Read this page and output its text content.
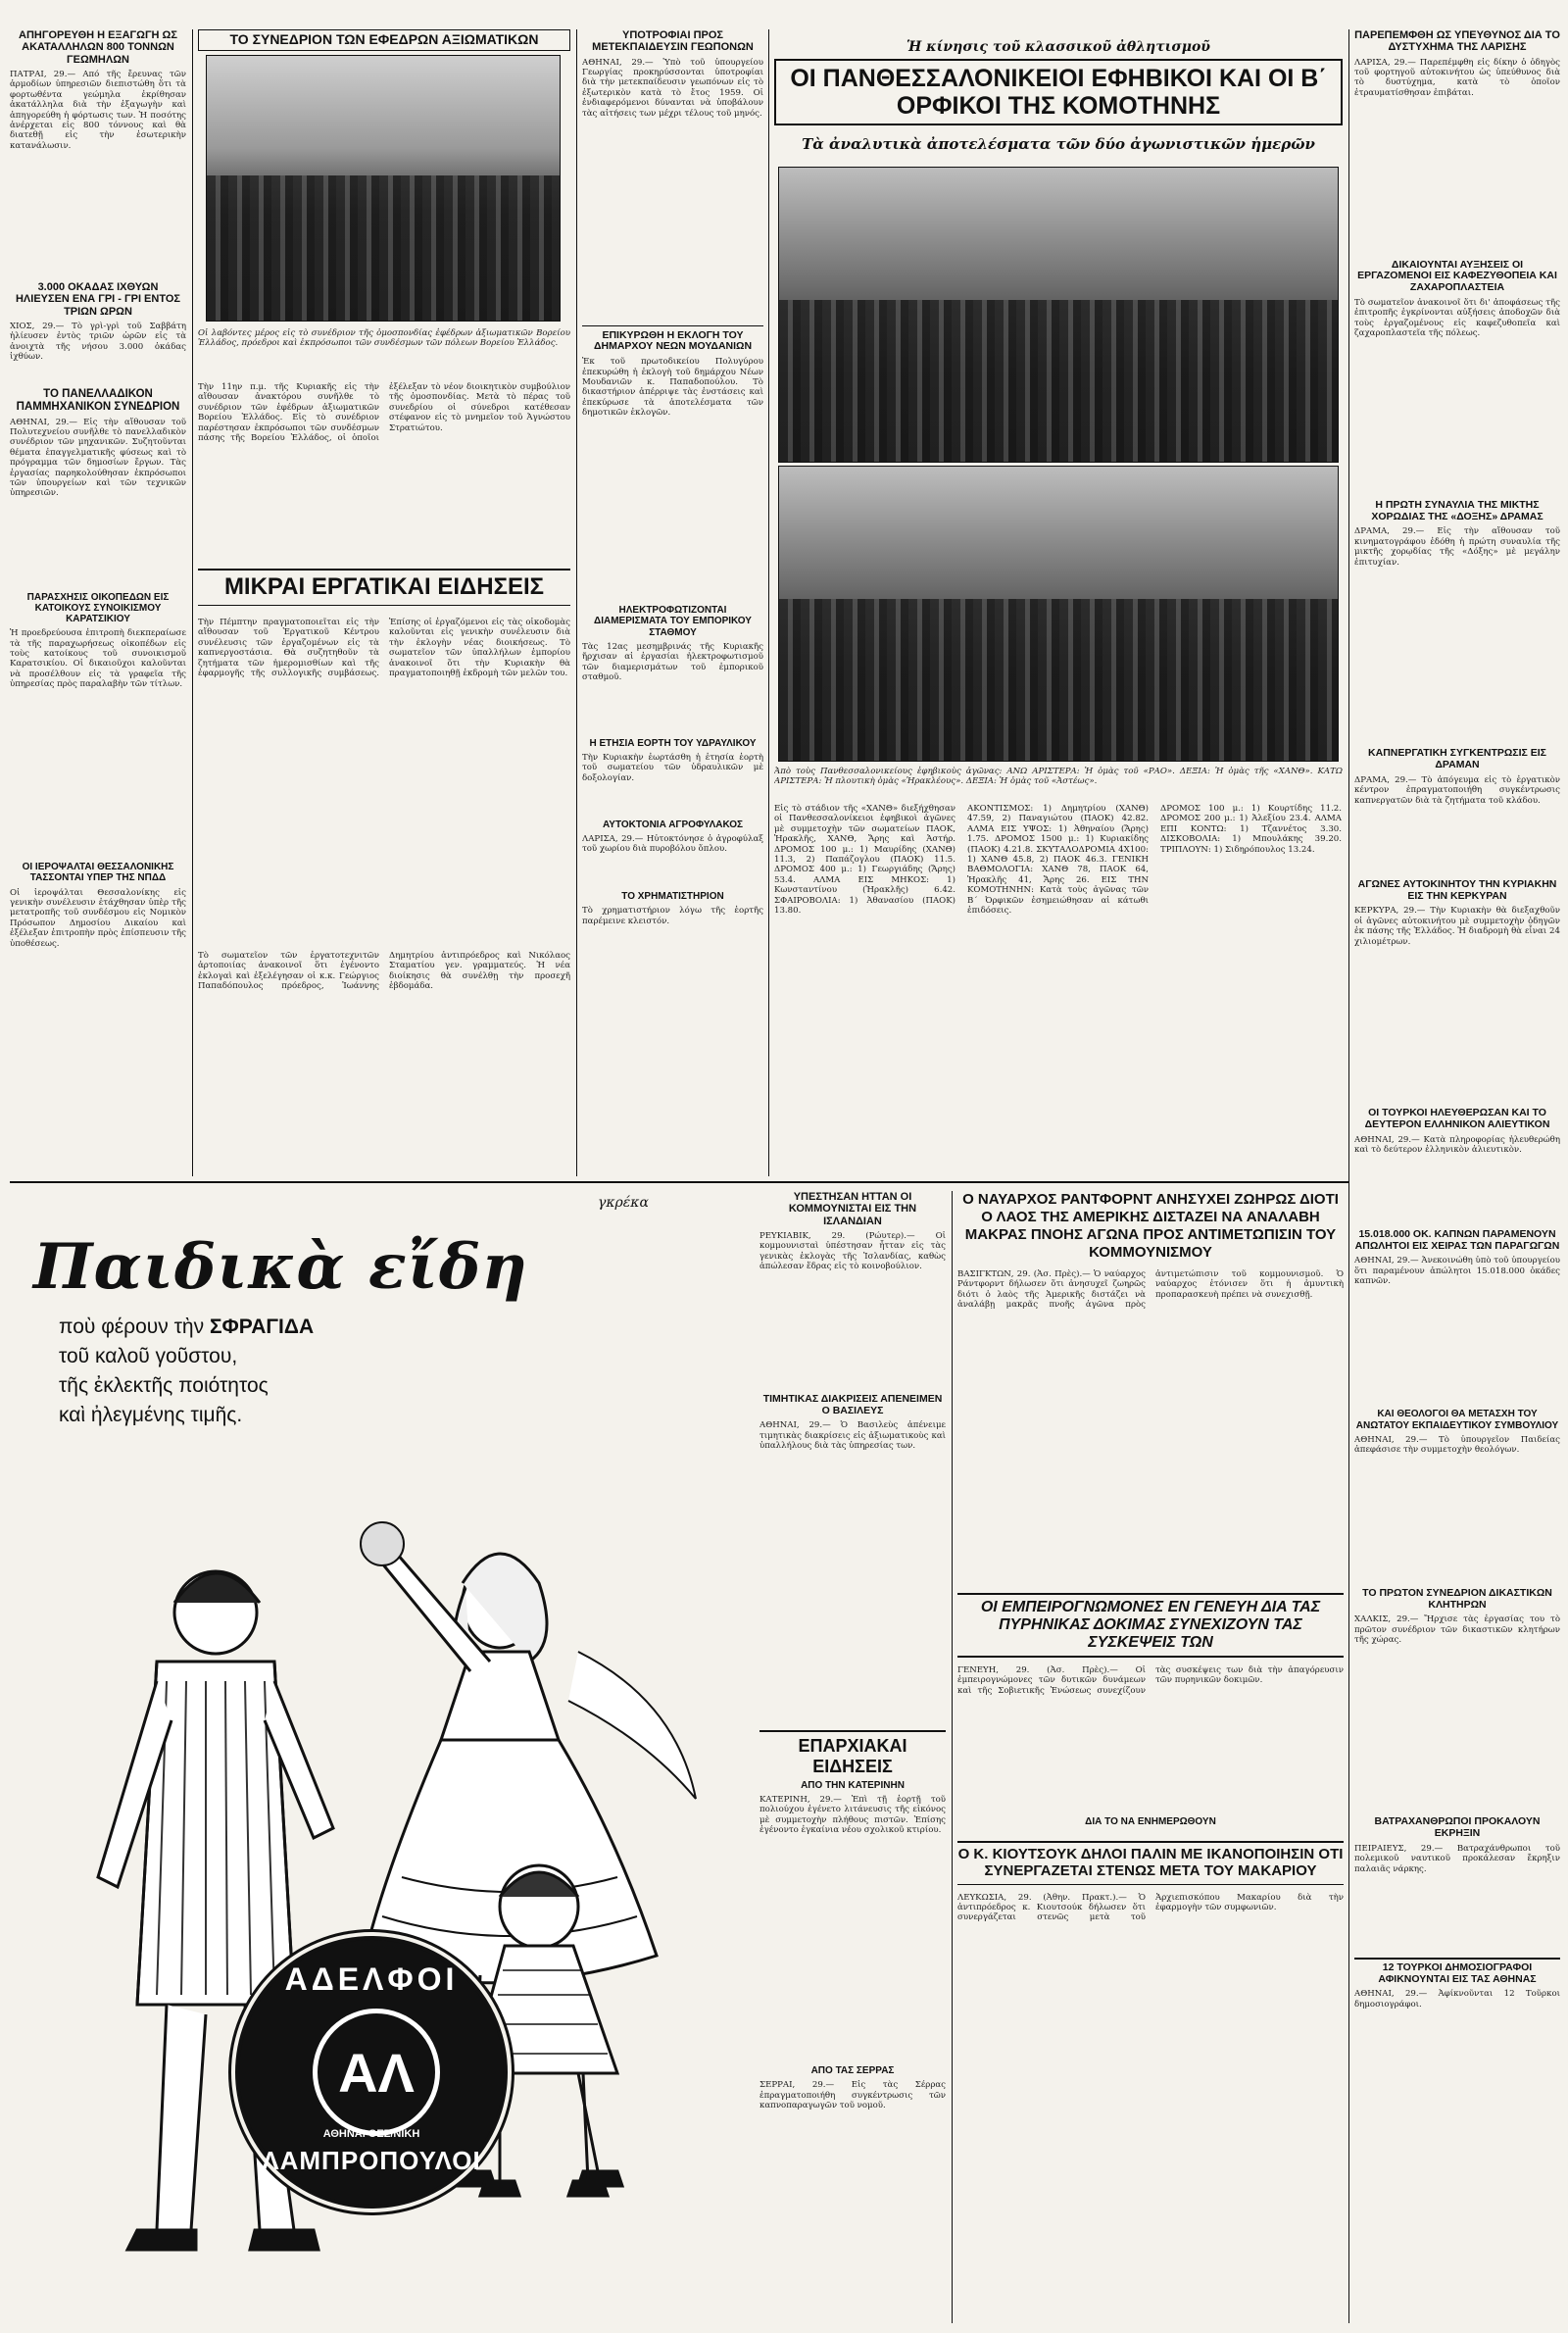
ΑΠΗΓΟΡΕΥΘΗ Η ΕΞΑΓΩΓΗ ΩΣ ΑΚΑΤΑΛΛΗΛΩΝ 800 ΤΟΝΝΩΝ ΓΕΩΜΗΛΩΝ
ΠΑΤΡΑΙ, 29.— Από τῆς ἔρευνας τῶν ἁρμοδίων ὑπηρεσιῶν διεπιστώθη ὅτι τὰ φορτωθέντα γεώμηλα ἐκρίθησαν ἀκατάλληλα διὰ τὴν ἐξαγωγὴν καὶ ἀπηγορεύθη ἡ φόρτωσις των. Ἡ ποσότης ἀνέρχεται εἰς 800 τόννους καὶ θὰ διατεθῇ εἰς τὴν ἐσωτερικὴν κατανάλωσιν.
3.000 ΟΚΑΔΑΣ ΙΧΘΥΩΝ ΗΛΙΕΥΣΕΝ ΕΝΑ ΓΡΙ - ΓΡΙ ΕΝΤΟΣ ΤΡΙΩΝ ΩΡΩΝ
ΧΙΟΣ, 29.— Τὸ γρὶ-γρὶ τοῦ Σαββάτη ἡλίευσεν ἐντὸς τριῶν ὡρῶν εἰς τὰ ἀνοιχτὰ τῆς νήσου 3.000 ὀκάδας ἰχθύων.
ΤΟ ΠΑΝΕΛΛΑΔΙΚΟΝ ΠΑΜΜΗΧΑΝΙΚΟΝ ΣΥΝΕΔΡΙΟΝ
ΑΘΗΝΑΙ, 29.— Εἰς τὴν αἴθουσαν τοῦ Πολυτεχνείου συνῆλθε τὸ πανελλαδικὸν συνέδριον τῶν μηχανικῶν. Συζητοῦνται θέματα ἐπαγγελματικῆς φύσεως καὶ τὸ πρόγραμμα τῶν δημοσίων ἔργων. Τὰς ἐργασίας παρηκολούθησαν ἐκπρόσωποι τῶν ὑπουργείων καὶ τῶν τεχνικῶν ὑπηρεσιῶν.
ΠΑΡΑΣΧΗΣΙΣ ΟΙΚΟΠΕΔΩΝ ΕΙΣ ΚΑΤΟΙΚΟΥΣ ΣΥΝΟΙΚΙΣΜΟΥ ΚΑΡΑΤΣΙΚΙΟΥ
Ἡ προεδρεύουσα ἐπιτροπὴ διεκπεραίωσε τὰ τῆς παραχωρήσεως οἰκοπέδων εἰς τοὺς κατοίκους τοῦ συνοικισμοῦ Καρατσικίου. Οἱ δικαιοῦχοι καλοῦνται νὰ προσέλθουν εἰς τὰ γραφεῖα τῆς ὑπηρεσίας πρὸς παραλαβὴν τῶν τίτλων.
ΟΙ ΙΕΡΟΨΑΛΤΑΙ ΘΕΣΣΑΛΟΝΙΚΗΣ ΤΑΣΣΟΝΤΑΙ ΥΠΕΡ ΤΗΣ ΝΠΔΔ
Οἱ ἱεροψάλται Θεσσαλονίκης εἰς γενικὴν συνέλευσιν ἐτάχθησαν ὑπὲρ τῆς μετατροπῆς τοῦ συνδέσμου εἰς Νομικὸν Πρόσωπον Δημοσίου Δικαίου καὶ ἐξέλεξαν ἐπιτροπὴν πρὸς ἐπίσπευσιν τῆς ὑποθέσεως.
ΤΟ ΣΥΝΕΔΡΙΟΝ ΤΩΝ ΕΦΕΔΡΩΝ ΑΞΙΩΜΑΤΙΚΩΝ
Οἱ λαβόντες μέρος εἰς τὸ συνέδριον τῆς ὁμοσπονδίας ἐφέδρων ἀξιωματικῶν Βορείου Ἑλλάδος, πρόεδροι καὶ ἐκπρόσωποι τῶν συνδέσμων τῶν πόλεων Βορείου Ἑλλάδος.
Τὴν 11ην π.μ. τῆς Κυριακῆς εἰς τὴν αἴθουσαν ἀνακτόρου συνῆλθε τὸ συνέδριον τῶν ἐφέδρων ἀξιωματικῶν Βορείου Ἑλλάδος. Εἰς τὸ συνέδριον παρέστησαν ἐκπρόσωποι τῶν συνδέσμων πάσης τῆς Βορείου Ἑλλάδος, οἱ ὁποῖοι ἐξέλεξαν τὸ νέον διοικητικὸν συμβούλιον τῆς ὁμοσπονδίας. Μετὰ τὸ πέρας τοῦ συνεδρίου οἱ σύνεδροι κατέθεσαν στέφανον εἰς τὸ μνημεῖον τοῦ Ἀγνώστου Στρατιώτου.
ΜΙΚΡΑΙ ΕΡΓΑΤΙΚΑΙ ΕΙΔΗΣΕΙΣ
Τὴν Πέμπτην πραγματοποιεῖται εἰς τὴν αἴθουσαν τοῦ Ἐργατικοῦ Κέντρου συνέλευσις τῶν ἐργαζομένων εἰς τὰ καπνεργοστάσια. Θὰ συζητηθοῦν τὰ ζητήματα τῶν ἡμερομισθίων καὶ τῆς ἐφαρμογῆς τῆς συλλογικῆς συμβάσεως. Ἐπίσης οἱ ἐργαζόμενοι εἰς τὰς οἰκοδομὰς καλοῦνται εἰς γενικὴν συνέλευσιν διὰ τὴν ἐκλογὴν νέας διοικήσεως. Τὸ σωματεῖον τῶν ὑπαλλήλων ἐμπορίου ἀνακοινοῖ ὅτι τὴν Κυριακὴν θὰ πραγματοποιηθῇ ἐκδρομὴ τῶν μελῶν του.
Τὸ σωματεῖον τῶν ἐργατοτεχνιτῶν ἀρτοποιίας ἀνακοινοῖ ὅτι ἐγένοντο ἐκλογαὶ καὶ ἐξελέγησαν οἱ κ.κ. Γεώργιος Παπαδόπουλος πρόεδρος, Ἰωάννης Δημητρίου ἀντιπρόεδρος καὶ Νικόλαος Σταματίου γεν. γραμματεύς. Ἡ νέα διοίκησις θὰ συνέλθῃ τὴν προσεχῆ ἑβδομάδα.
ΥΠΟΤΡΟΦΙΑΙ ΠΡΟΣ ΜΕΤΕΚΠΑΙΔΕΥΣΙΝ ΓΕΩΠΟΝΩΝ
ΑΘΗΝΑΙ, 29.— Ὑπὸ τοῦ ὑπουργείου Γεωργίας προκηρύσσονται ὑποτροφίαι διὰ τὴν μετεκπαίδευσιν γεωπόνων εἰς τὸ ἐξωτερικὸν κατὰ τὸ ἔτος 1959. Οἱ ἐνδιαφερόμενοι δύνανται νὰ ὑποβάλουν τὰς αἰτήσεις των μέχρι τέλους τοῦ μηνός.
ΕΠΙΚΥΡΩΘΗ Η ΕΚΛΟΓΗ ΤΟΥ ΔΗΜΑΡΧΟΥ ΝΕΩΝ ΜΟΥΔΑΝΙΩΝ
Ἐκ τοῦ πρωτοδικείου Πολυγύρου ἐπεκυρώθη ἡ ἐκλογὴ τοῦ δημάρχου Νέων Μουδανιῶν κ. Παπαδοπούλου. Τὸ δικαστήριον ἀπέρριψε τὰς ἐνστάσεις καὶ ἐπεκύρωσε τὰ ἀποτελέσματα τῶν δημοτικῶν ἐκλογῶν.
ΗΛΕΚΤΡΟΦΩΤΙΖΟΝΤΑΙ ΔΙΑΜΕΡΙΣΜΑΤΑ ΤΟΥ ΕΜΠΟΡΙΚΟΥ ΣΤΑΘΜΟΥ
Τὰς 12ας μεσημβρινάς τῆς Κυριακῆς ἤρχισαν αἱ ἐργασίαι ἠλεκτροφωτισμοῦ τῶν διαμερισμάτων τοῦ ἐμπορικοῦ σταθμοῦ.
Η ΕΤΗΣΙΑ ΕΟΡΤΗ ΤΟΥ ΥΔΡΑΥΛΙΚΟΥ
Τὴν Κυριακὴν ἐωρτάσθη ἡ ἐτησία ἑορτὴ τοῦ σωματείου τῶν ὑδραυλικῶν μὲ δοξολογίαν.
ΑΥΤΟΚΤΟΝΙΑ ΑΓΡΟΦΥΛΑΚΟΣ
ΛΑΡΙΣΑ, 29.— Ηὐτοκτόνησε ὁ ἀγροφύλαξ τοῦ χωρίου διὰ πυροβόλου ὅπλου.
ΤΟ ΧΡΗΜΑΤΙΣΤΗΡΙΟΝ
Τὸ χρηματιστήριον λόγω τῆς ἑορτῆς παρέμεινε κλειστόν.
Ἡ κίνησις τοῦ κλασσικοῦ ἀθλητισμοῦ
ΟΙ ΠΑΝΘΕΣΣΑΛΟΝΙΚΕΙΟΙ ΕΦΗΒΙΚΟΙ ΚΑΙ ΟΙ Β΄ ΟΡΦΙΚΟΙ ΤΗΣ ΚΟΜΟΤΗΝΗΣ
Τὰ ἀναλυτικὰ ἀποτελέσματα τῶν δύο ἀγωνιστικῶν ἡμερῶν
Ἀπὸ τοὺς Πανθεσσαλονικείους ἐφηβικοὺς ἀγῶνας: ΑΝΩ ΑΡΙΣΤΕΡΑ: Ἡ ὁμὰς τοῦ «ΡΑΟ». ΔΕΞΙΑ: Ἡ ὁμὰς τῆς «ΧΑΝΘ». ΚΑΤΩ ΑΡΙΣΤΕΡΑ: Ἡ πλουτικὴ ὁμὰς «Ἡρακλέους». ΔΕΞΙΑ: Ἡ ὁμὰς τοῦ «Ἀστέως».
Εἰς τὸ στάδιον τῆς «ΧΑΝΘ» διεξήχθησαν οἱ Πανθεσσαλονίκειοι ἐφηβικοὶ ἀγῶνες μὲ συμμετοχὴν τῶν σωματείων ΠΑΟΚ, Ἡρακλῆς, ΧΑΝΘ, Ἄρης καὶ Ἀστήρ. ΔΡΟΜΟΣ 100 μ.: 1) Μαυρίδης (ΧΑΝΘ) 11.3, 2) Παπάζογλου (ΠΑΟΚ) 11.5. ΔΡΟΜΟΣ 400 μ.: 1) Γεωργιάδης (Ἄρης) 53.4. ΑΛΜΑ ΕΙΣ ΜΗΚΟΣ: 1) Κωνσταντίνου (Ἡρακλῆς) 6.42. ΣΦΑΙΡΟΒΟΛΙΑ: 1) Ἀθανασίου (ΠΑΟΚ) 13.80.
ΑΚΟΝΤΙΣΜΟΣ: 1) Δημητρίου (ΧΑΝΘ) 47.59, 2) Παναγιώτου (ΠΑΟΚ) 42.82. ΑΛΜΑ ΕΙΣ ΥΨΟΣ: 1) Ἀθηναίου (Ἄρης) 1.75. ΔΡΟΜΟΣ 1500 μ.: 1) Κυριακίδης (ΠΑΟΚ) 4.21.8. ΣΚΥΤΑΛΟΔΡΟΜΙΑ 4Χ100: 1) ΧΑΝΘ 45.8, 2) ΠΑΟΚ 46.3. ΓΕΝΙΚΗ ΒΑΘΜΟΛΟΓΙΑ: ΧΑΝΘ 78, ΠΑΟΚ 64, Ἡρακλῆς 41, Ἄρης 26. ΕΙΣ ΤΗΝ ΚΟΜΟΤΗΝΗΝ: Κατὰ τοὺς ἀγῶνας τῶν Β΄ Ὀρφικῶν ἐσημειώθησαν αἱ κάτωθι ἐπιδόσεις.
ΔΡΟΜΟΣ 100 μ.: 1) Κουρτίδης 11.2. ΔΡΟΜΟΣ 200 μ.: 1) Ἀλεξίου 23.4. ΑΛΜΑ ΕΠΙ ΚΟΝΤΩ: 1) Τζαννέτος 3.30. ΔΙΣΚΟΒΟΛΙΑ: 1) Μπουλάκης 39.20. ΤΡΙΠΛΟΥΝ: 1) Σιδηρόπουλος 13.24.
ΠΑΡΕΠΕΜΦΘΗ ΩΣ ΥΠΕΥΘΥΝΟΣ ΔΙΑ ΤΟ ΔΥΣΤΥΧΗΜΑ ΤΗΣ ΛΑΡΙΣΗΣ
ΛΑΡΙΣΑ, 29.— Παρεπέμφθη εἰς δίκην ὁ ὁδηγὸς τοῦ φορτηγοῦ αὐτοκινήτου ὡς ὑπεύθυνος διὰ τὸ δυστύχημα, κατὰ τὸ ὁποῖον ἐτραυματίσθησαν ἐπιβάται.
ΔΙΚΑΙΟΥΝΤΑΙ ΑΥΞΗΣΕΙΣ ΟΙ ΕΡΓΑΖΟΜΕΝΟΙ ΕΙΣ ΚΑΦΕΖΥΘΟΠΕΙΑ ΚΑΙ ΖΑΧΑΡΟΠΛΑΣΤΕΙΑ
Τὸ σωματεῖον ἀνακοινοῖ ὅτι δι' ἀποφάσεως τῆς ἐπιτροπῆς ἐγκρίνονται αὐξήσεις ἀποδοχῶν διὰ τοὺς ἐργαζομένους εἰς καφεζυθοπεῖα καὶ ζαχαροπλαστεῖα τῆς πόλεως.
Η ΠΡΩΤΗ ΣΥΝΑΥΛΙΑ ΤΗΣ ΜΙΚΤΗΣ ΧΟΡΩΔΙΑΣ ΤΗΣ «ΔΟΞΗΣ» ΔΡΑΜΑΣ
ΔΡΑΜΑ, 29.— Εἰς τὴν αἴθουσαν τοῦ κινηματογράφου ἐδόθη ἡ πρώτη συναυλία τῆς μικτῆς χορῳδίας τῆς «Δόξης» μὲ μεγάλην ἐπιτυχίαν.
ΚΑΠΝΕΡΓΑΤΙΚΗ ΣΥΓΚΕΝΤΡΩΣΙΣ ΕΙΣ ΔΡΑΜΑΝ
ΔΡΑΜΑ, 29.— Τὸ ἀπόγευμα εἰς τὸ ἐργατικὸν κέντρον ἐπραγματοποιήθη συγκέντρωσις καπνεργατῶν διὰ τὰ ζητήματα τοῦ κλάδου.
ΑΓΩΝΕΣ ΑΥΤΟΚΙΝΗΤΟΥ ΤΗΝ ΚΥΡΙΑΚΗΝ ΕΙΣ ΤΗΝ ΚΕΡΚΥΡΑΝ
ΚΕΡΚΥΡΑ, 29.— Τὴν Κυριακὴν θὰ διεξαχθοῦν οἱ ἀγῶνες αὐτοκινήτου μὲ συμμετοχὴν ὁδηγῶν ἐκ πάσης τῆς Ἑλλάδος. Ἡ διαδρομὴ θὰ εἶναι 24 χιλιομέτρων.
ΟΙ ΤΟΥΡΚΟΙ ΗΛΕΥΘΕΡΩΣΑΝ ΚΑΙ ΤΟ ΔΕΥΤΕΡΟΝ ΕΛΛΗΝΙΚΟΝ ΑΛΙΕΥΤΙΚΟΝ
ΑΘΗΝΑΙ, 29.— Κατὰ πληροφορίας ἠλευθερώθη καὶ τὸ δεύτερον ἑλληνικὸν ἁλιευτικὸν.
15.018.000 ΟΚ. ΚΑΠΝΩΝ ΠΑΡΑΜΕΝΟΥΝ ΑΠΩΛΗΤΟΙ ΕΙΣ ΧΕΙΡΑΣ ΤΩΝ ΠΑΡΑΓΩΓΩΝ
ΑΘΗΝΑΙ, 29.— Ἀνεκοινώθη ὑπὸ τοῦ ὑπουργείου ὅτι παραμένουν ἀπώλητοι 15.018.000 ὀκάδες καπνῶν.
ΚΑΙ ΘΕΟΛΟΓΟΙ ΘΑ ΜΕΤΑΣΧΗ ΤΟΥ ΑΝΩΤΑΤΟΥ ΕΚΠΑΙΔΕΥΤΙΚΟΥ ΣΥΜΒΟΥΛΙΟΥ
ΑΘΗΝΑΙ, 29.— Τὸ ὑπουργεῖον Παιδείας ἀπεφάσισε τὴν συμμετοχὴν θεολόγων.
ΤΟ ΠΡΩΤΟΝ ΣΥΝΕΔΡΙΟΝ ΔΙΚΑΣΤΙΚΩΝ ΚΛΗΤΗΡΩΝ
ΧΑΛΚΙΣ, 29.— Ἤρχισε τὰς ἐργασίας του τὸ πρῶτον συνέδριον τῶν δικαστικῶν κλητήρων τῆς χώρας.
ΒΑΤΡΑΧΑΝΘΡΩΠΟΙ ΠΡΟΚΑΛΟΥΝ ΕΚΡΗΞΙΝ
ΠΕΙΡΑΙΕΥΣ, 29.— Βατραχάνθρωποι τοῦ πολεμικοῦ ναυτικοῦ προκάλεσαν ἔκρηξιν παλαιᾶς νάρκης.
12 ΤΟΥΡΚΟΙ ΔΗΜΟΣΙΟΓΡΑΦΟΙ ΑΦΙΚΝΟΥΝΤΑΙ ΕΙΣ ΤΑΣ ΑΘΗΝΑΣ
ΑΘΗΝΑΙ, 29.— Ἀφίκνοῦνται 12 Τοῦρκοι δημοσιογράφοι.
ΥΠΕΣΤΗΣΑΝ ΗΤΤΑΝ ΟΙ ΚΟΜΜΟΥΝΙΣΤΑΙ ΕΙΣ ΤΗΝ ΙΣΛΑΝΔΙΑΝ
ΡΕΥΚΙΑΒΙΚ, 29. (Ρώυτερ).— Οἱ κομμουνισταὶ ὑπέστησαν ἧτταν εἰς τὰς γενικὰς ἐκλογὰς τῆς Ἰσλανδίας, καθὼς ἀπώλεσαν ἕδρας εἰς τὸ κοινοβούλιον.
ΤΙΜΗΤΙΚΑΣ ΔΙΑΚΡΙΣΕΙΣ ΑΠΕΝΕΙΜΕΝ Ο ΒΑΣΙΛΕΥΣ
ΑΘΗΝΑΙ, 29.— Ὁ Βασιλεὺς ἀπένειμε τιμητικὰς διακρίσεις εἰς ἀξιωματικοὺς καὶ ὑπαλλήλους διὰ τὰς ὑπηρεσίας των.
ΕΠΑΡΧΙΑΚΑΙ ΕΙΔΗΣΕΙΣ
ΑΠΟ ΤΗΝ ΚΑΤΕΡΙΝΗΝ
ΚΑΤΕΡΙΝΗ, 29.— Ἐπὶ τῇ ἑορτῇ τοῦ πολιούχου ἐγένετο λιτάνευσις τῆς εἰκόνος μὲ συμμετοχὴν πλήθους πιστῶν. Ἐπίσης ἐγένοντο ἐγκαίνια νέου σχολικοῦ κτιρίου.
ΑΠΟ ΤΑΣ ΣΕΡΡΑΣ
ΣΕΡΡΑΙ, 29.— Εἰς τὰς Σέρρας ἐπραγματοποιήθη συγκέντρωσις τῶν καπνοπαραγωγῶν τοῦ νομοῦ.
Ο ΝΑΥΑΡΧΟΣ ΡΑΝΤΦΟΡΝΤ ΑΝΗΣΥΧΕΙ ΖΩΗΡΩΣ ΔΙΟΤΙ Ο ΛΑΟΣ ΤΗΣ ΑΜΕΡΙΚΗΣ ΔΙΣΤΑΖΕΙ ΝΑ ΑΝΑΛΑΒΗ ΜΑΚΡΑΣ ΠΝΟΗΣ ΑΓΩΝΑ ΠΡΟΣ ΑΝΤΙΜΕΤΩΠΙΣΙΝ ΤΟΥ ΚΟΜΜΟΥΝΙΣΜΟΥ
ΒΑΣΙΓΚΤΩΝ, 29. (Ἀσ. Πρὲς).— Ὁ ναύαρχος Ράντφορντ δήλωσεν ὅτι ἀνησυχεῖ ζωηρῶς διότι ὁ λαὸς τῆς Ἀμερικῆς διστάζει νὰ ἀναλάβῃ μακρᾶς πνοῆς ἀγῶνα πρὸς ἀντιμετώπισιν τοῦ κομμουνισμοῦ. Ὁ ναύαρχος ἐτόνισεν ὅτι ἡ ἀμυντικὴ προπαρασκευὴ πρέπει νὰ συνεχισθῇ.
ΟΙ ΕΜΠΕΙΡΟΓΝΩΜΟΝΕΣ ΕΝ ΓΕΝΕΥΗ ΔΙΑ ΤΑΣ ΠΥΡΗΝΙΚΑΣ ΔΟΚΙΜΑΣ ΣΥΝΕΧΙΖΟΥΝ ΤΑΣ ΣΥΣΚΕΨΕΙΣ ΤΩΝ
ΓΕΝΕΥΗ, 29. (Ἀσ. Πρὲς).— Οἱ ἐμπειρογνώμονες τῶν δυτικῶν δυνάμεων καὶ τῆς Σοβιετικῆς Ἑνώσεως συνεχίζουν τὰς συσκέψεις των διὰ τὴν ἀπαγόρευσιν τῶν πυρηνικῶν δοκιμῶν.
ΔΙΑ ΤΟ ΝΑ ΕΝΗΜΕΡΩΘΟΥΝ
Ο Κ. ΚΙΟΥΤΣΟΥΚ ΔΗΛΟΙ ΠΑΛΙΝ ΜΕ ΙΚΑΝΟΠΟΙΗΣΙΝ ΟΤΙ ΣΥΝΕΡΓΑΖΕΤΑΙ ΣΤΕΝΩΣ ΜΕΤΑ ΤΟΥ ΜΑΚΑΡΙΟΥ
ΛΕΥΚΩΣΙΑ, 29. (Ἀθην. Πρακτ.).— Ὁ ἀντιπρόεδρος κ. Κιουτσούκ δήλωσεν ὅτι συνεργάζεται στενῶς μετὰ τοῦ Ἀρχιεπισκόπου Μακαρίου διὰ τὴν ἐφαρμογὴν τῶν συμφωνιῶν.
Παιδικὰ εἴδη
ποὺ φέρουν τὴν ΣΦΡΑΓΙΔΑ
τοῦ καλοῦ γοῦστου,
τῆς ἐκλεκτῆς ποιότητος
καὶ ἠλεγμένης τιμῆς.
γκρέκα
ΑΔΕΛΦΟΙ
ΑΛ
ΑΘΗΝΑΙ ΘΕΣ/ΝΙΚΗ
ΛΑΜΠΡΟΠΟΥΛΟΙ
